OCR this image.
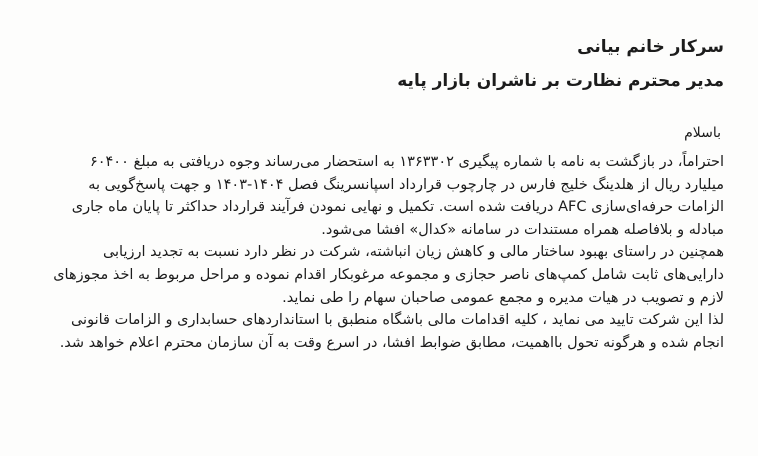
سرکار خانم بیانی
مدیر محترم نظارت بر ناشران بازار پایه
باسلام

احتراماً، در بازگشت به نامه با شماره پیگیری ۱۳۶۳۳۰۲ به استحضار می‌رساند وجوه دریافتی به مبلغ ۶۰۴۰۰

میلیارد ریال از هلدینگ خلیج فارس در چارچوب قرارداد اسپانسرینگ فصل ۱۴۰۴-۱۴۰۳ و جهت پاسخ‌گویی به

الزامات حرفه‌ای‌سازی AFC دریافت شده است. تکمیل و نهایی نمودن فرآیند قرارداد حداکثر تا پایان ماه جاری

مبادله و بلافاصله همراه مستندات در سامانه «کدال» افشا می‌شود.

همچنین در راستای بهبود ساختار مالی و کاهش زیان انباشته، شرکت در نظر دارد نسبت به تجدید ارزیابی

دارایی‌های ثابت شامل کمپ‌های ناصر حجازی و مجموعه مرغوبکار اقدام نموده و مراحل مربوط به اخذ مجوزهای

لازم و تصویب در هیات مدیره و مجمع عمومی صاحبان سهام را طی نماید.

لذا این شرکت تایید می نماید ، کلیه اقدامات مالی باشگاه منطبق با استانداردهای حسابداری و الزامات قانونی

انجام شده و هرگونه تحول بااهمیت، مطابق ضوابط افشا، در اسرع وقت به آن سازمان محترم اعلام خواهد شد.
